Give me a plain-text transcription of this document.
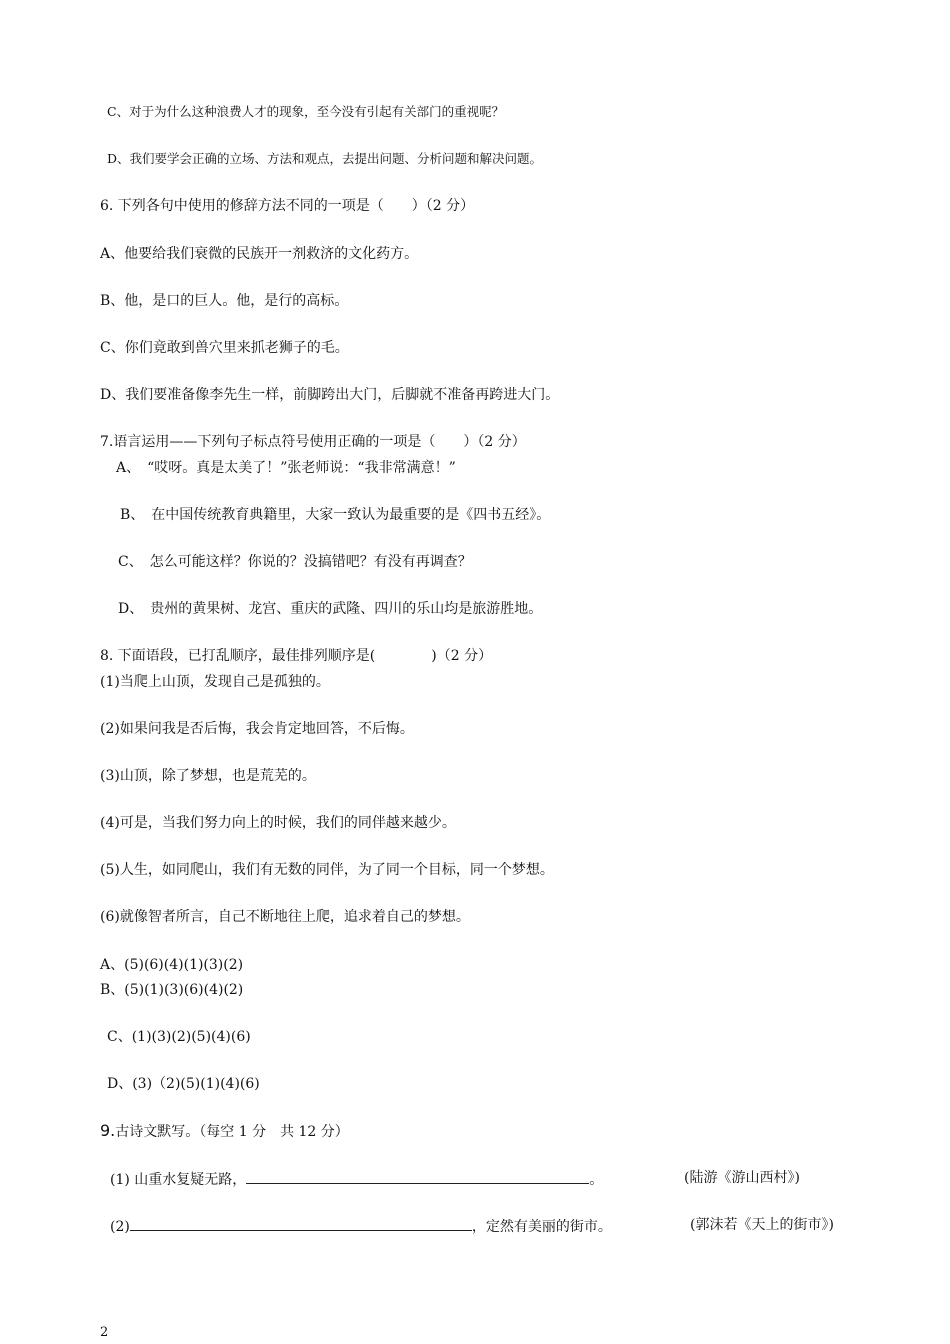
C、对于为什么这种浪费人才的现象，至今没有引起有关部门的重视呢？
D、我们要学会正确的立场、方法和观点，去提出问题、分析问题和解决问题。
6. 下列各句中使用的修辞方法不同的一项是（　　）（2 分）
A、他要给我们衰微的民族开一剂救济的文化药方。
B、他，是口的巨人。他，是行的高标。
C、你们竟敢到兽穴里来抓老狮子的毛。
D、我们要准备像李先生一样，前脚跨出大门，后脚就不准备再跨进大门。
7.语言运用——下列句子标点符号使用正确的一项是（　　）（2 分）
A、　“哎呀。真是太美了！”张老师说：“我非常满意！”
B、　在中国传统教育典籍里，大家一致认为最重要的是《四书五经》。
C、　怎么可能这样？你说的？没搞错吧？有没有再调查？
D、　贵州的黄果树、龙宫、重庆的武隆、四川的乐山均是旅游胜地。
8. 下面语段，已打乱顺序，最佳排列顺序是(　　　　)（2 分）
(1)当爬上山顶，发现自己是孤独的。
(2)如果问我是否后悔，我会肯定地回答，不后悔。
(3)山顶，除了梦想，也是荒芜的。
(4)可是，当我们努力向上的时候，我们的同伴越来越少。
(5)人生，如同爬山，我们有无数的同伴，为了同一个目标，同一个梦想。
(6)就像智者所言，自己不断地往上爬，追求着自己的梦想。
A、(5)(6)(4)(1)(3)(2)
B、(5)(1)(3)(6)(4)(2)
C、(1)(3)(2)(5)(4)(6)
D、(3)（2)(5)(1)(4)(6)
9.古诗文默写。（每空 1 分　共 12 分）
(1) 山重水复疑无路，	。	(陆游《游山西村》)
(2)	，定然有美丽的街市。	(郭沫若《天上的街市》)
2
